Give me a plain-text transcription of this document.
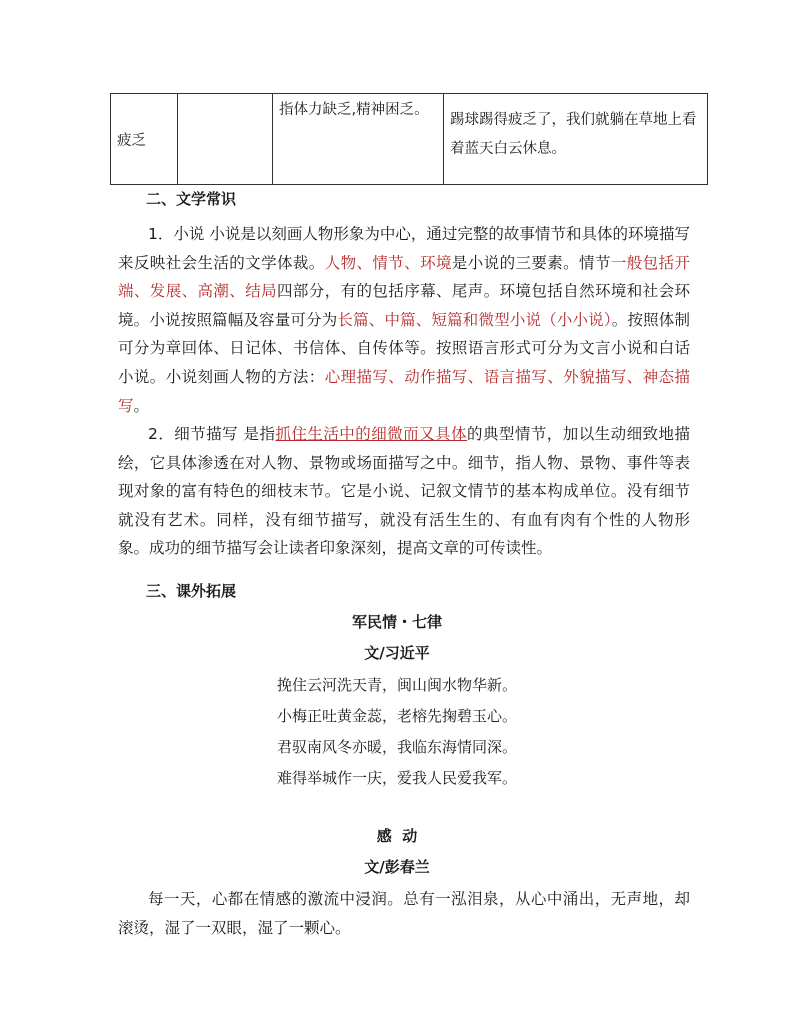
疲乏		指体力缺乏,精神困乏。	踢球踢得疲乏了，我们就躺在草地上看着蓝天白云休息。
二、文学常识
1．小说 小说是以刻画人物形象为中心，通过完整的故事情节和具体的环境描写来反映社会生活的文学体裁。人物、情节、环境是小说的三要素。情节一般包括开端、发展、高潮、结局四部分，有的包括序幕、尾声。环境包括自然环境和社会环境。小说按照篇幅及容量可分为长篇、中篇、短篇和微型小说（小小说）。按照体制可分为章回体、日记体、书信体、自传体等。按照语言形式可分为文言小说和白话小说。小说刻画人物的方法：心理描写、动作描写、语言描写、外貌描写、神态描写。
2．细节描写 是指抓住生活中的细微而又具体的典型情节，加以生动细致地描绘，它具体渗透在对人物、景物或场面描写之中。细节，指人物、景物、事件等表现对象的富有特色的细枝末节。它是小说、记叙文情节的基本构成单位。没有细节就没有艺术。同样，没有细节描写，就没有活生生的、有血有肉有个性的人物形象。成功的细节描写会让读者印象深刻，提高文章的可传读性。
三、课外拓展
军民情・七律
文/习近平
挽住云河洗天青，闽山闽水物华新。
小梅正吐黄金蕊，老榕先掬碧玉心。
君驭南风冬亦暖，我临东海情同深。
难得举城作一庆，爱我人民爱我军。
感  动
文/彭春兰
每一天，心都在情感的激流中浸润。总有一泓泪泉，从心中涌出，无声地，却滚烫，湿了一双眼，湿了一颗心。
